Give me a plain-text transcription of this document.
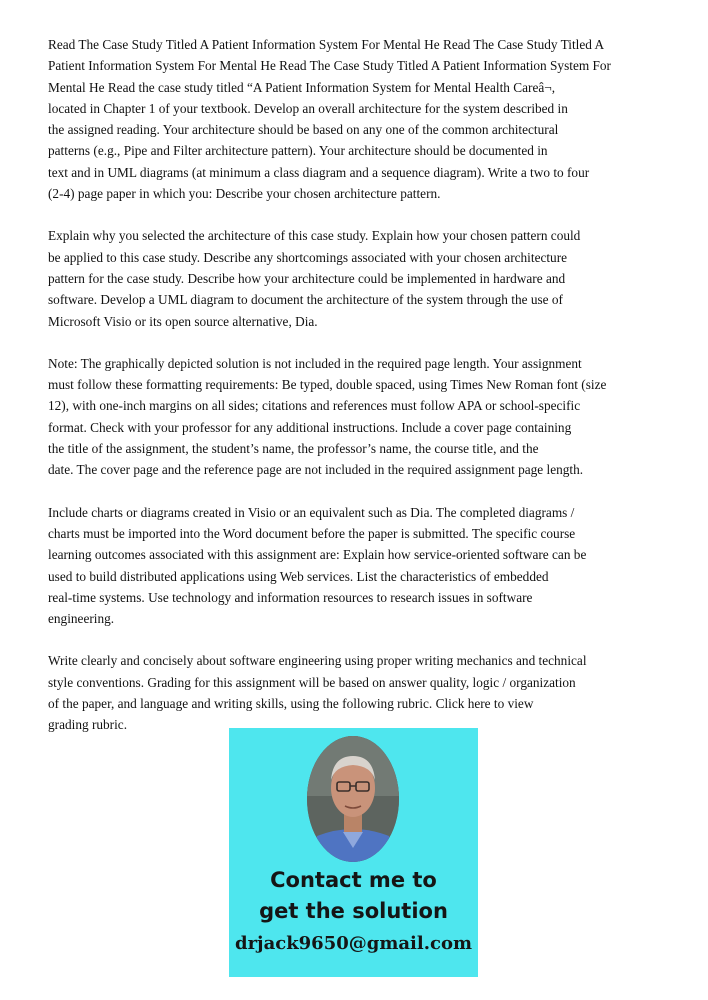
Read The Case Study Titled A Patient Information System For Mental He Read The Case Study Titled A
Patient Information System For Mental He Read The Case Study Titled A Patient Information System For
Mental He Read the case study titled “A Patient Information System for Mental Health Careâ¬,
located in Chapter 1 of your textbook. Develop an overall architecture for the system described in
the assigned reading. Your architecture should be based on any one of the common architectural
patterns (e.g., Pipe and Filter architecture pattern). Your architecture should be documented in
text and in UML diagrams (at minimum a class diagram and a sequence diagram). Write a two to four
(2-4) page paper in which you: Describe your chosen architecture pattern.

Explain why you selected the architecture of this case study. Explain how your chosen pattern could
be applied to this case study. Describe any shortcomings associated with your chosen architecture
pattern for the case study. Describe how your architecture could be implemented in hardware and
software. Develop a UML diagram to document the architecture of the system through the use of
Microsoft Visio or its open source alternative, Dia.

Note: The graphically depicted solution is not included in the required page length. Your assignment
must follow these formatting requirements: Be typed, double spaced, using Times New Roman font (size
12), with one-inch margins on all sides; citations and references must follow APA or school-specific
format. Check with your professor for any additional instructions. Include a cover page containing
the title of the assignment, the student’s name, the professor’s name, the course title, and the
date. The cover page and the reference page are not included in the required assignment page length.

Include charts or diagrams created in Visio or an equivalent such as Dia. The completed diagrams /
charts must be imported into the Word document before the paper is submitted. The specific course
learning outcomes associated with this assignment are: Explain how service-oriented software can be
used to build distributed applications using Web services. List the characteristics of embedded
real-time systems. Use technology and information resources to research issues in software
engineering.

Write clearly and concisely about software engineering using proper writing mechanics and technical
style conventions. Grading for this assignment will be based on answer quality, logic / organization
of the paper, and language and writing skills, using the following rubric. Click here to view
grading rubric.

Contact me to
get the solution
drjack9650@gmail.com
